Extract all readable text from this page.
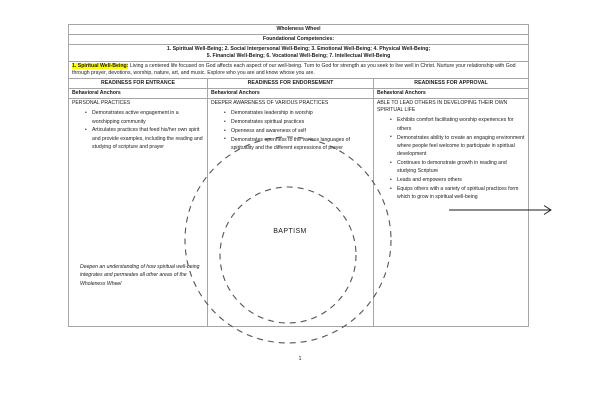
Wholeness Wheel		
Foundational Competencies:		

1. Spiritual Well-Being; 2. Social Interpersonal Well-Being; 3. Emotional Well-Being; 4. Physical Well-Being;
5. Financial Well-Being; 6. Vocational Well-Being; 7. Intellectual Well-Being		

1. Spiritual Well-Being: Living a centered life focused on God affects each aspect of our well-being. Turn to God for strength as you seek to live well in Christ. Nurture your relationship with God through prayer, devotions, worship, nature, art, and music. Explore who you are and know whose you are.		
READINESS FOR ENTRANCE	READINESS FOR ENDORSEMENT	READINESS FOR APPROVAL
Behavioral Anchors	Behavioral Anchors	Behavioral Anchors

PERSONAL PRACTICES
• Demonstrates active engagement in a worshipping community
• Articulates practices that feed his/her own spirit and provide examples, including the reading and studying of scripture and prayer
Deepen an understanding of how spiritual well-being integrates and permeates all other areas of the Wholeness Wheel

DEEPER AWARENESS OF VARIOUS PRACTICES
• Demonstrates leadership in worship
• Demonstrates spiritual practices
• Openness and awareness of self
• Demonstrates openness to the various languages of spirituality and the different expressions of prayer

ABLE TO LEAD OTHERS IN DEVELOPING THEIR OWN SPIRITUAL LIFE
• Exhibits comfort facilitating worship experiences for others
• Demonstrates ability to create an engaging environment where people feel welcome to participate in spiritual development
• Continues to demonstrate growth in reading and studying Scripture
• Leads and empowers others
• Equips others with a variety of spiritual practices form which to grow in spiritual well-being
BAPTISM
1
